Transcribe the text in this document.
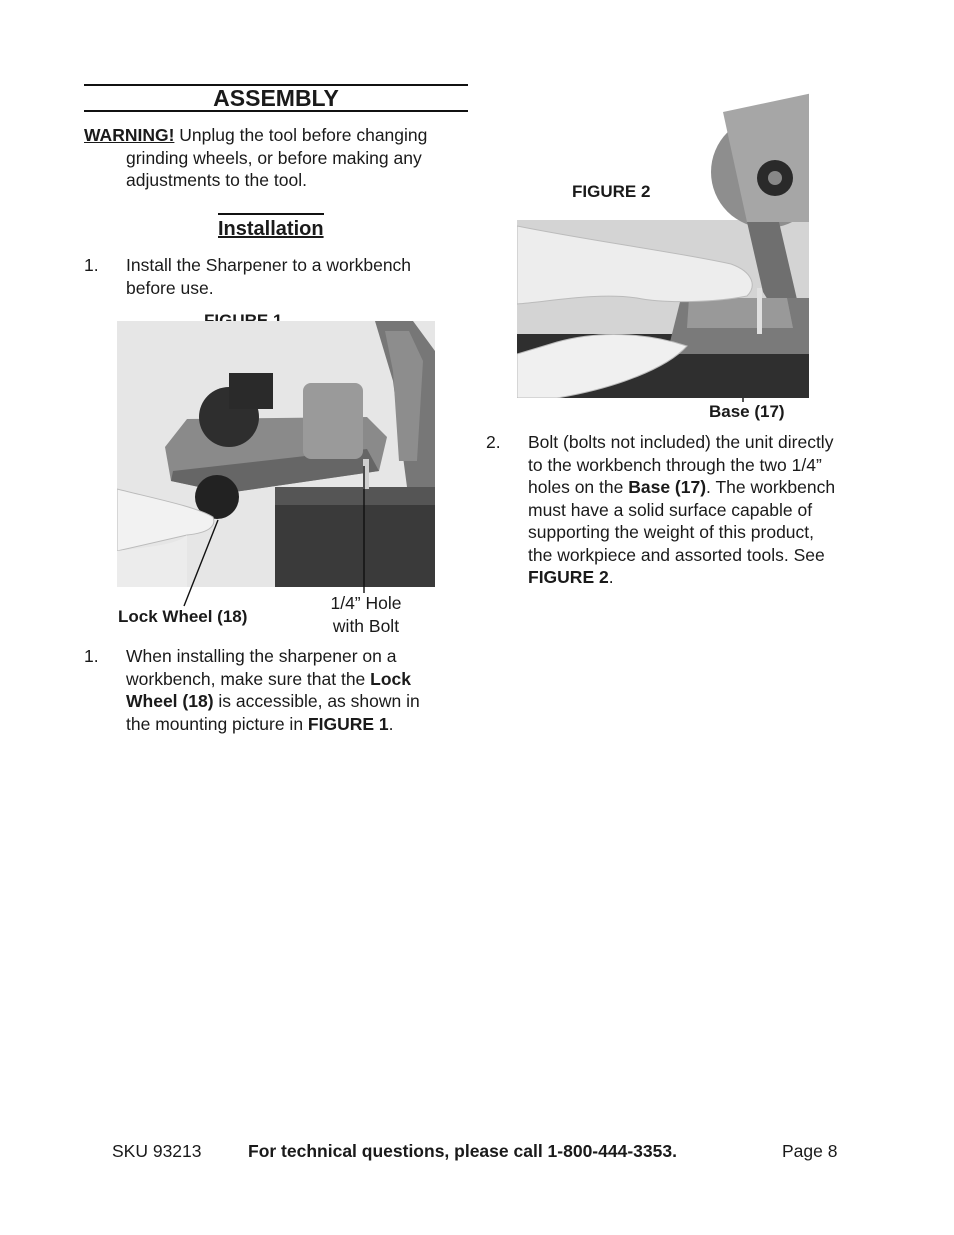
ASSEMBLY
WARNING! Unplug the tool before changing
grinding wheels, or before making any
adjustments to the tool.
Installation
1.	Install the Sharpener to a workbench
before use.
Lock Wheel (18)
1/4” Hole
with Bolt
1.	When installing the sharpener on a
workbench, make sure that the Lock
Wheel (18) is accessible, as shown in
the mounting picture in FIGURE 1.
FIGURE 2
Base (17)
2.	Bolt (bolts not included) the unit directly
to the workbench through the two 1/4”
holes on the Base (17). The workbench
must have a solid surface capable of
supporting the weight of this product,
the workpiece and assorted tools. See
FIGURE 2.
SKU 93213	For technical questions, please call 1-800-444-3353.	Page 8
